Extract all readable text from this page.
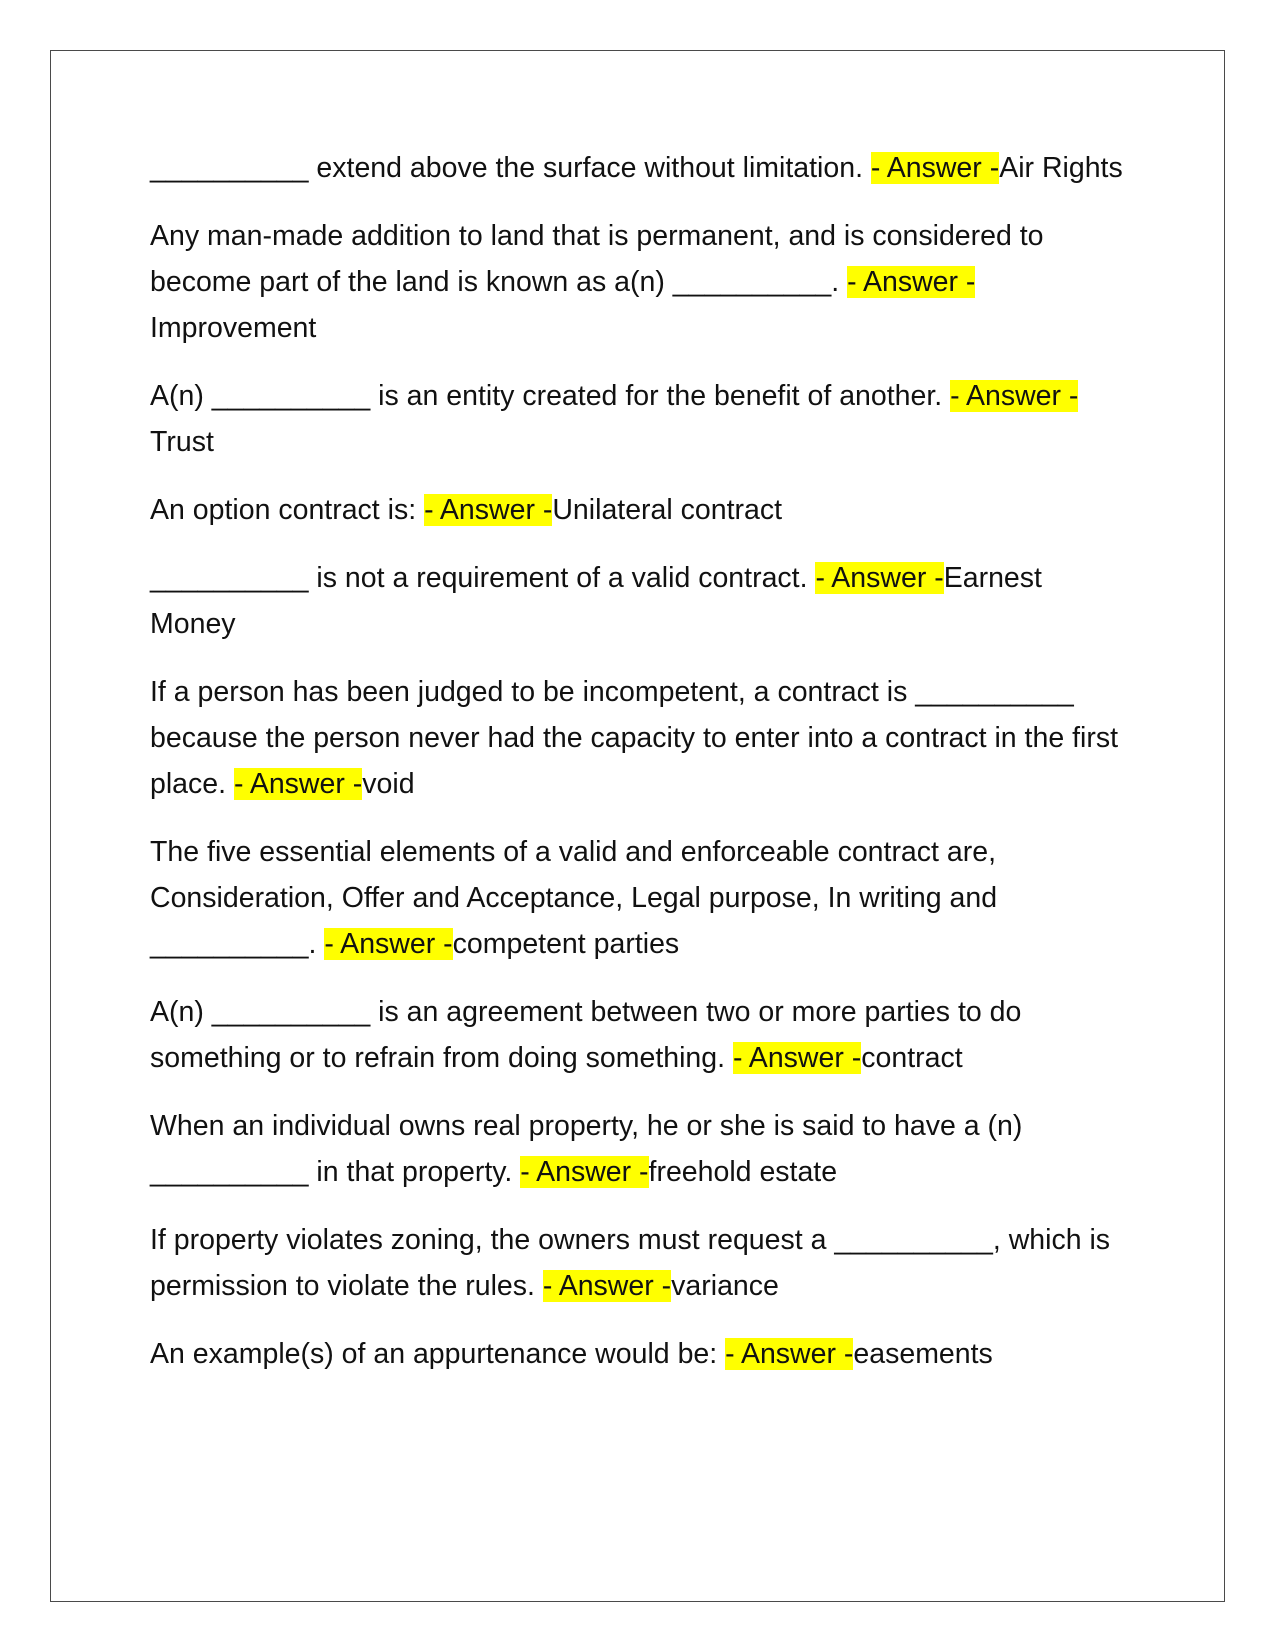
__________ extend above the surface without limitation. - Answer -Air Rights

Any man-made addition to land that is permanent, and is considered to become part of the land is known as a(n) __________. - Answer -Improvement

A(n) __________ is an entity created for the benefit of another. - Answer -Trust

An option contract is: - Answer -Unilateral contract

__________ is not a requirement of a valid contract. - Answer -Earnest Money

If a person has been judged to be incompetent, a contract is __________ because the person never had the capacity to enter into a contract in the first place. - Answer -void

The five essential elements of a valid and enforceable contract are, Consideration, Offer and Acceptance, Legal purpose, In writing and __________. - Answer -competent parties

A(n) __________ is an agreement between two or more parties to do something or to refrain from doing something. - Answer -contract

When an individual owns real property, he or she is said to have a (n) __________ in that property. - Answer -freehold estate

If property violates zoning, the owners must request a __________, which is permission to violate the rules. - Answer -variance

An example(s) of an appurtenance would be: - Answer -easements
